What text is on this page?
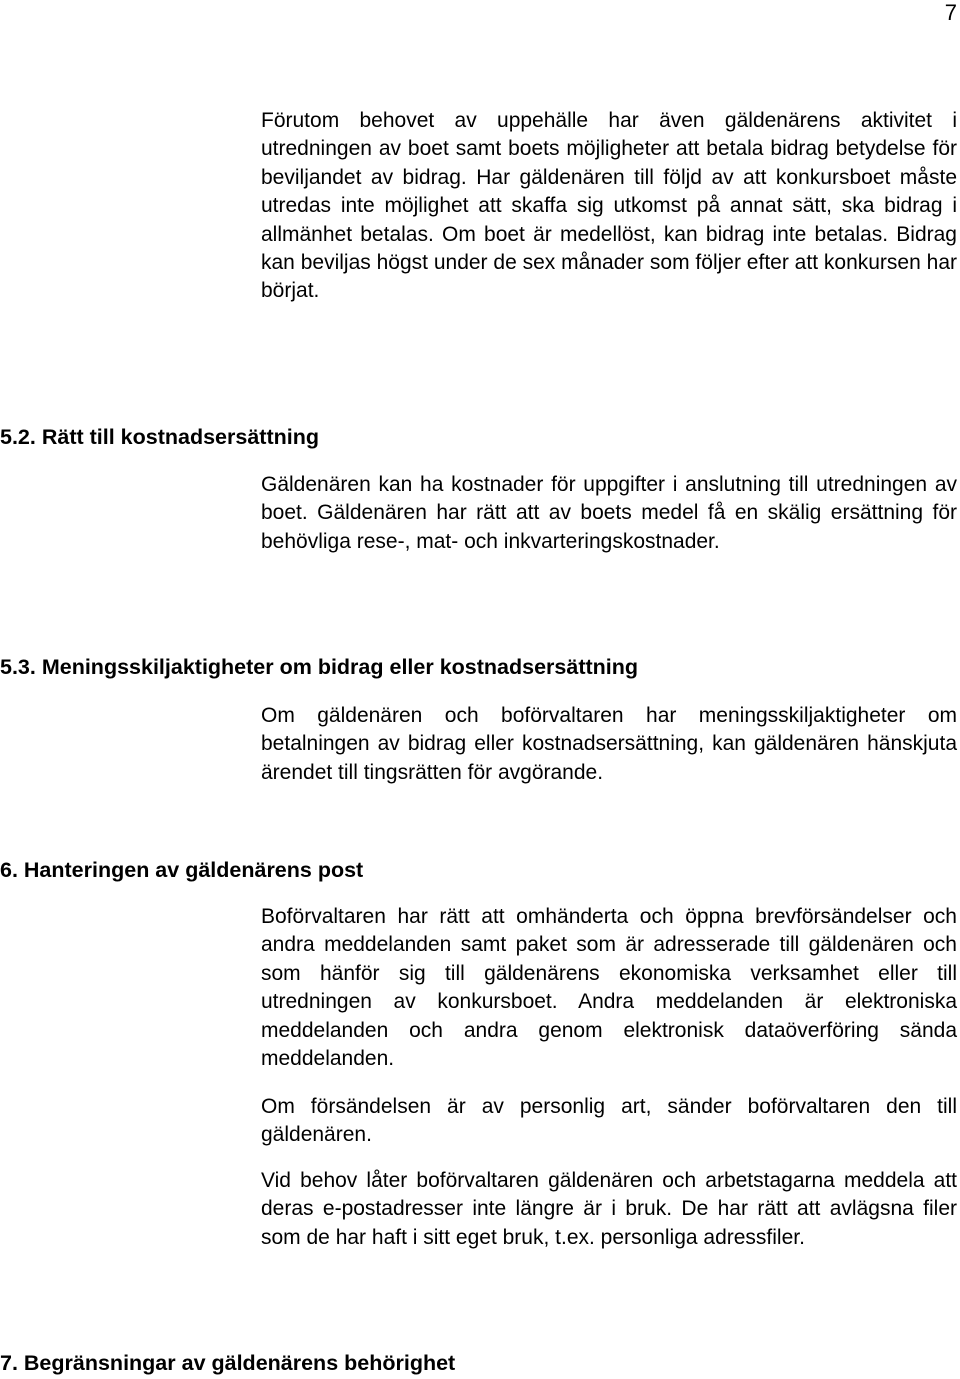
7

Förutom behovet av uppehälle har även gäldenärens aktivitet i utredningen av boet samt boets möjligheter att betala bidrag betydelse för beviljandet av bidrag. Har gäldenären till följd av att konkursboet måste utredas inte möjlighet att skaffa sig utkomst på annat sätt, ska bidrag i allmänhet betalas. Om boet är medellöst, kan bidrag inte betalas. Bidrag kan beviljas högst under de sex månader som följer efter att konkursen har börjat.

5.2. Rätt till kostnadsersättning

Gäldenären kan ha kostnader för uppgifter i anslutning till utredningen av boet. Gäldenären har rätt att av boets medel få en skälig ersättning för behövliga rese-, mat- och inkvarteringskostnader.

5.3. Meningsskiljaktigheter om bidrag eller kostnadsersättning

Om gäldenären och boförvaltaren har meningsskiljaktigheter om betalningen av bidrag eller kostnadsersättning, kan gäldenären hänskjuta ärendet till tingsrätten för avgörande.

6. Hanteringen av gäldenärens post

Boförvaltaren har rätt att omhänderta och öppna brevförsändelser och andra meddelanden samt paket som är adresserade till gäldenären och som hänför sig till gäldenärens ekonomiska verksamhet eller till utredningen av konkursboet. Andra meddelanden är elektroniska meddelanden och andra genom elektronisk dataöverföring sända meddelanden.

Om försändelsen är av personlig art, sänder boförvaltaren den till gäldenären.

Vid behov låter boförvaltaren gäldenären och arbetstagarna meddela att deras e-postadresser inte längre är i bruk. De har rätt att avlägsna filer som de har haft i sitt eget bruk, t.ex. personliga adressfiler.

7. Begränsningar av gäldenärens behörighet
